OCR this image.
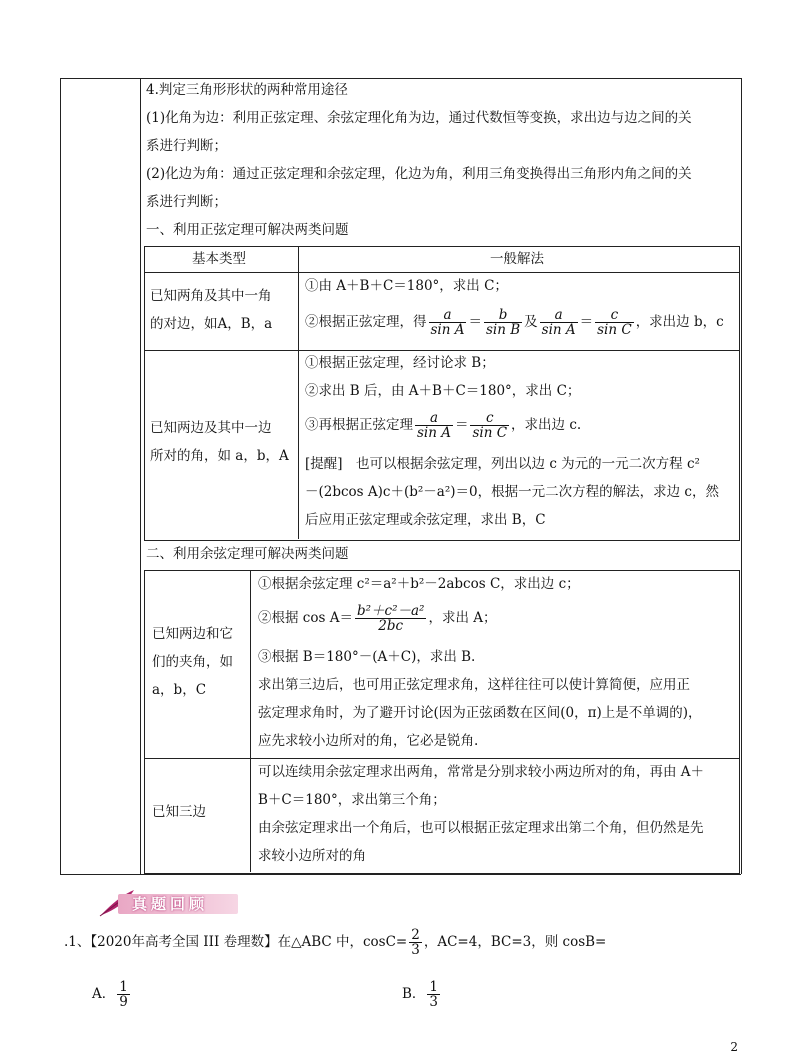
4.判定三角形形状的两种常用途径
(1)化角为边：利用正弦定理、余弦定理化角为边，通过代数恒等变换，求出边与边之间的关
系进行判断；
(2)化边为角：通过正弦定理和余弦定理，化边为角，利用三角变换得出三角形内角之间的关
系进行判断；
一、利用正弦定理可解决两类问题
基本类型	一般解法
已知两角及其中一角
的对边，如A，B，a
①由 A＋B＋C＝180°，求出 C；
②根据正弦定理，得 $\frac{a}{\text{sin A}} = \frac{b}{\text{sin B}}$ 及 $\frac{a}{\text{sin A}} = \frac{c}{\text{sin C}}$ ，求出边 b，c
已知两边及其中一边
所对的角，如 a，b，A
①根据正弦定理，经讨论求 B；
②求出 B 后，由 A＋B＋C＝180°，求出 C；
③再根据正弦定理 $\frac{a}{\text{sin A}} = \frac{c}{\text{sin C}}$ ，求出边 c.
[提醒]　也可以根据余弦定理，列出以边 c 为元的一元二次方程 c²
－(2bcos A)c＋(b²－a²)＝0，根据一元二次方程的解法，求边 c，然
后应用正弦定理或余弦定理，求出 B，C
二、利用余弦定理可解决两类问题
已知两边和它
们的夹角，如
a，b，C
①根据余弦定理 c²＝a²＋b²－2abcos C，求出边 c；
②根据 $\cos A= \frac{\text{b²＋c²－a²}}{2bc}$ ，求出 A；
③根据 B＝180°－(A＋C)，求出 B.
求出第三边后，也可用正弦定理求角，这样往往可以使计算简便，应用正
弦定理求角时，为了避开讨论(因为正弦函数在区间(0，π)上是不单调的)，
应先求较小边所对的角，它必是锐角.
已知三边
可以连续用余弦定理求出两角，常常是分别求较小两边所对的角，再由 A＋
B＋C＝180°，求出第三个角；
由余弦定理求出一个角后，也可以根据正弦定理求出第二个角，但仍然是先
求较小边所对的角
真题回顾
.1、【2020年高考全国 III 卷理数】在△ABC 中，$\cos C= \frac{2}{3}$ ，AC=4，BC=3，则 cosB=
A． $\frac{1}{9}$	B． $\frac{1}{3}$
2
